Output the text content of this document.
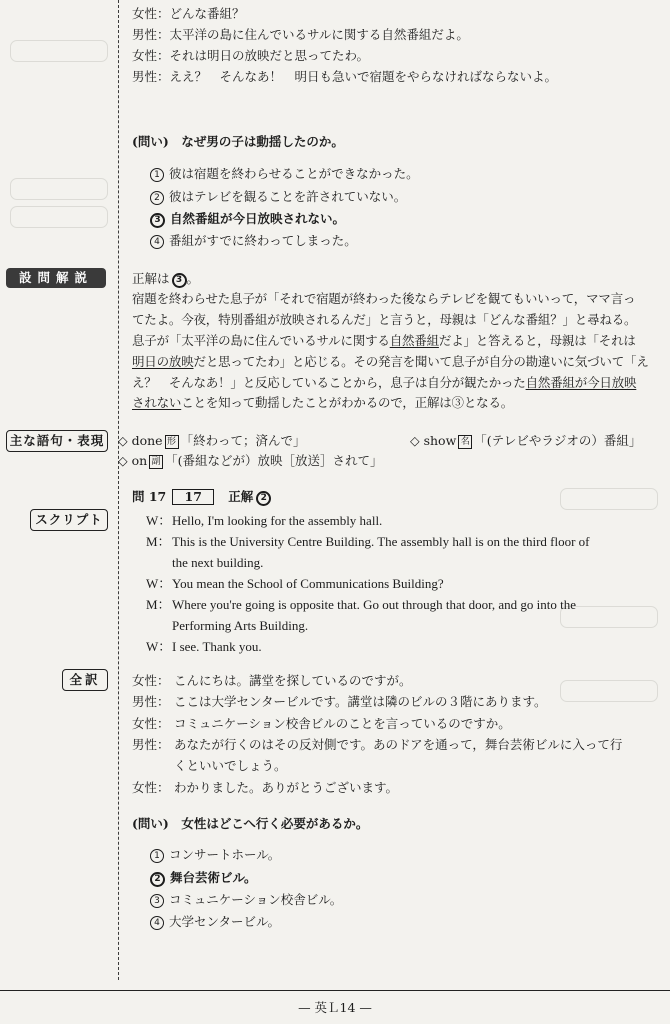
女性：どんな番組？
男性：太平洋の島に住んでいるサルに関する自然番組だよ。
女性：それは明日の放映だと思ってたわ。
男性：ええ？　そんなあ！　明日も急いで宿題をやらなければならないよ。
(問い)　なぜ男の子は動揺したのか。
1 彼は宿題を終わらせることができなかった。
2 彼はテレビを観ることを許されていない。
3 自然番組が今日放映されない。
4 番組がすでに終わってしまった。
設問解説	正解は 3 。
宿題を終わらせた息子が「それで宿題が終わった後ならテレビを観てもいいって，ママ言っ
てたよ。今夜，特別番組が放映されるんだ」と言うと，母親は「どんな番組？」と尋ねる。
息子が「太平洋の島に住んでいるサルに関する自然番組だよ」と答えると，母親は「それは
明日の放映だと思ってたわ」と応じる。その発言を聞いて息子が自分の勘違いに気づいて「え
え？　そんなあ！」と反応していることから，息子は自分が観たかった自然番組が今日放映
されないことを知って動揺したことがわかるので，正解は③となる。
主な語句・表現	◇ done 形 「終わって；済んで」	◇ show 名 「(テレビやラジオの）番組」
◇ on 副 「(番組などが）放映［放送］されて」
問 17 17 正解 2
スクリプト	W：Hello, I'm looking for the assembly hall.
M：This is the University Centre Building. The assembly hall is on the third floor of
the next building.
W：You mean the School of Communications Building?
M：Where you're going is opposite that. Go out through that door, and go into the
Performing Arts Building.
W：I see. Thank you.
全訳	女性： こんにちは。講堂を探しているのですが。
男性： ここは大学センタービルです。講堂は隣のビルの３階にあります。
女性： コミュニケーション校舎ビルのことを言っているのですか。
男性： あなたが行くのはその反対側です。あのドアを通って，舞台芸術ビルに入って行
くといいでしょう。
女性： わかりました。ありがとうございます。
(問い)　女性はどこへ行く必要があるか。
1 コンサートホール。
2 舞台芸術ビル。
3 コミュニケーション校舎ビル。
4 大学センタービル。
— 英Ｌ14 —
